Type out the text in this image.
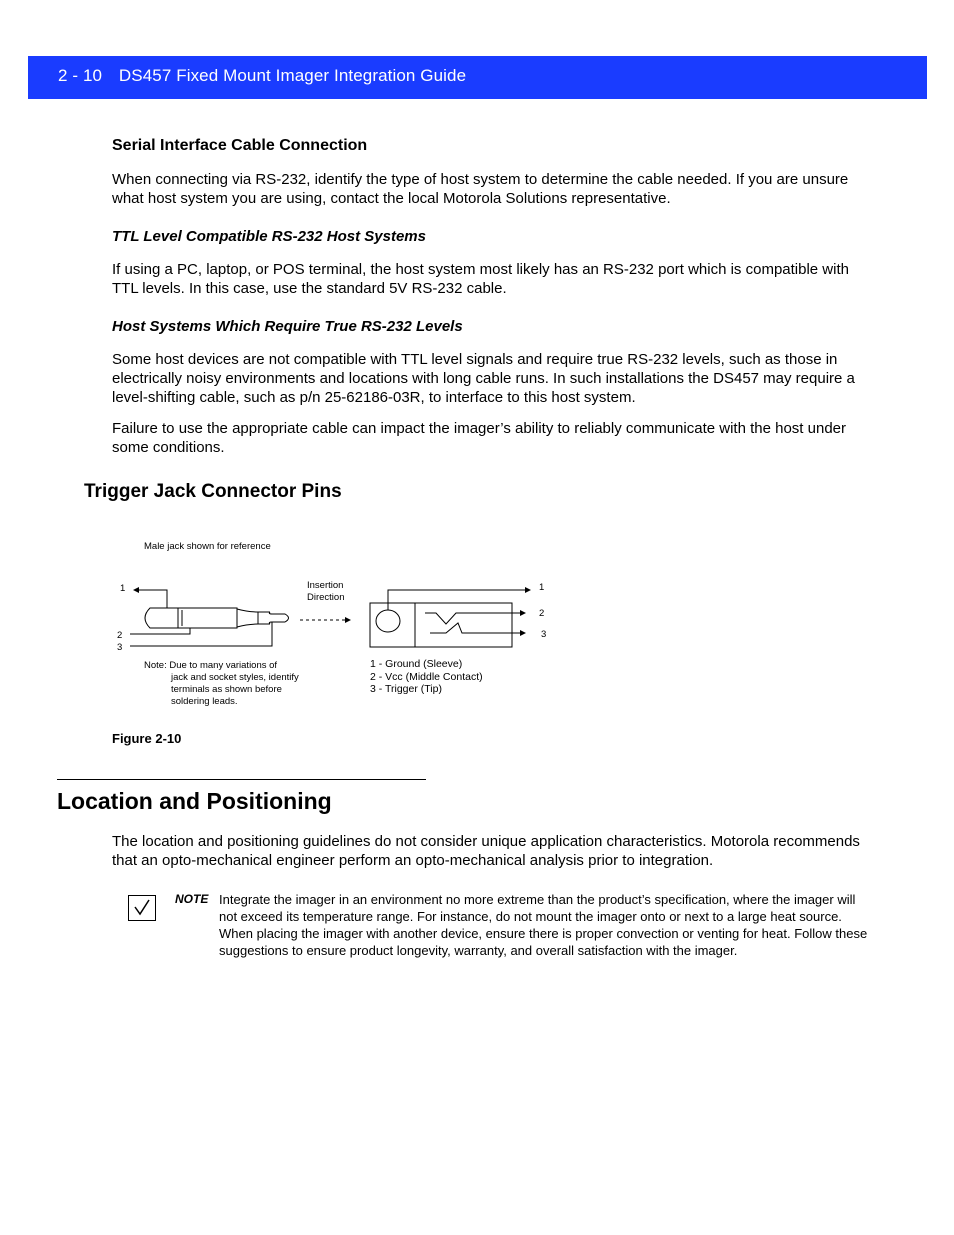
2 - 10 DS457 Fixed Mount Imager Integration Guide
Serial Interface Cable Connection
When connecting via RS-232, identify the type of host system to determine the cable needed. If you are unsure what host system you are using, contact the local Motorola Solutions representative.
TTL Level Compatible RS-232 Host Systems
If using a PC, laptop, or POS terminal, the host system most likely has an RS-232 port which is compatible with TTL levels. In this case, use the standard 5V RS-232 cable.
Host Systems Which Require True RS-232 Levels
Some host devices are not compatible with TTL level signals and require true RS-232 levels, such as those in electrically noisy environments and locations with long cable runs. In such installations the DS457 may require a level-shifting cable, such as p/n 25-62186-03R, to interface to this host system.
Failure to use the appropriate cable can impact the imager’s ability to reliably communicate with the host under some conditions.
Trigger Jack Connector Pins
Male jack shown for reference
1
2
3
Insertion
Direction
1
2
3
Note: Due to many variations of
jack and socket styles, identify
terminals as shown before
soldering leads.
1 - Ground (Sleeve)
2 - Vcc (Middle Contact)
3 - Trigger (Tip)
Figure 2-10
Location and Positioning
The location and positioning guidelines do not consider unique application characteristics. Motorola recommends that an opto-mechanical engineer perform an opto-mechanical analysis prior to integration.
NOTE Integrate the imager in an environment no more extreme than the product’s specification, where the imager will not exceed its temperature range. For instance, do not mount the imager onto or next to a large heat source. When placing the imager with another device, ensure there is proper convection or venting for heat. Follow these suggestions to ensure product longevity, warranty, and overall satisfaction with the imager.
